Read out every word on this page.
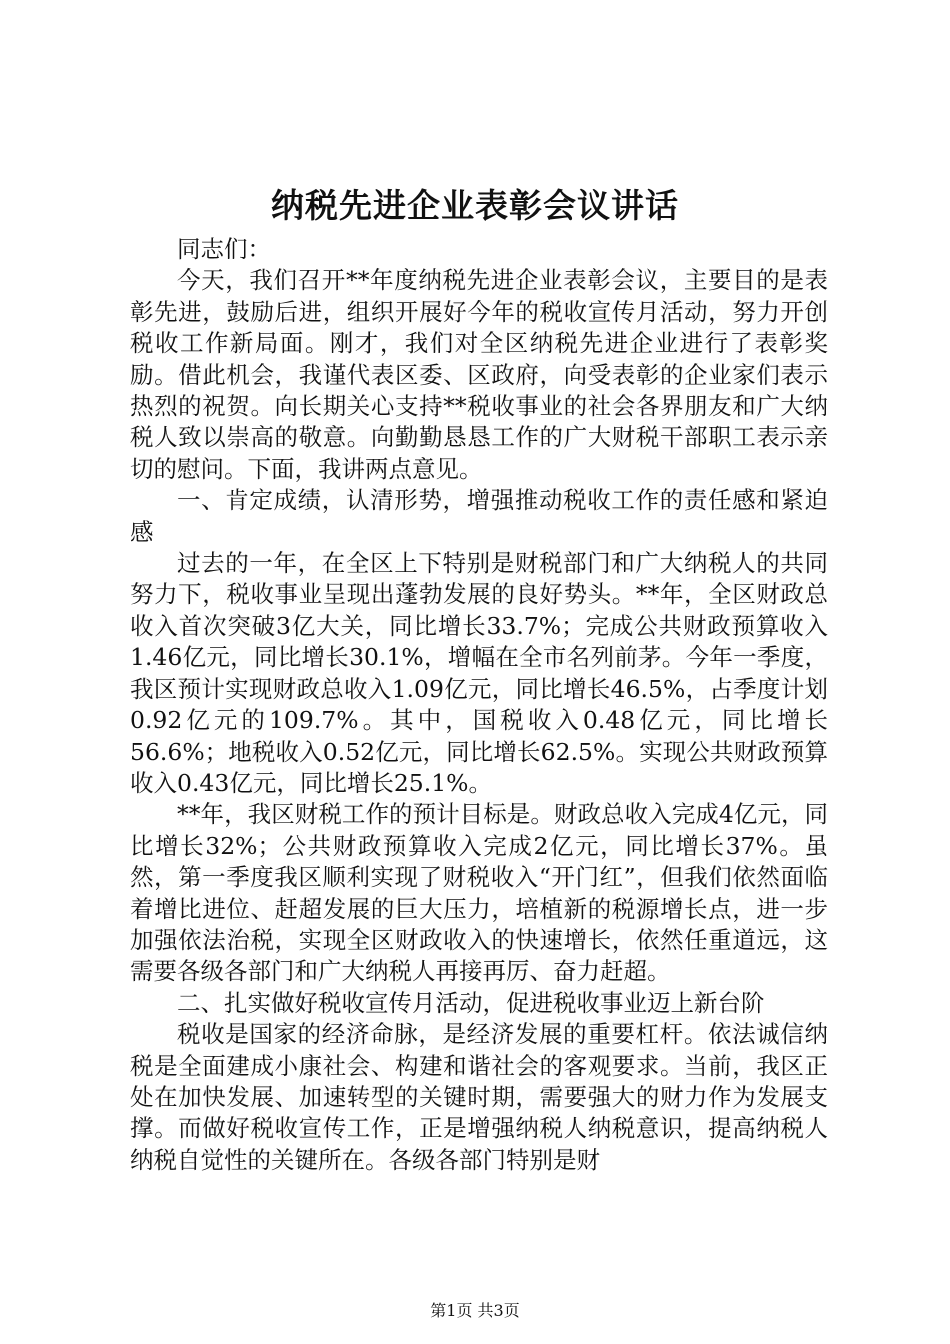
纳税先进企业表彰会议讲话

同志们：

今天，我们召开**年度纳税先进企业表彰会议，主要目的是表彰先进，鼓励后进，组织开展好今年的税收宣传月活动，努力开创税收工作新局面。刚才，我们对全区纳税先进企业进行了表彰奖励。借此机会，我谨代表区委、区政府，向受表彰的企业家们表示热烈的祝贺。向长期关心支持**税收事业的社会各界朋友和广大纳税人致以崇高的敬意。向勤勤恳恳工作的广大财税干部职工表示亲切的慰问。下面，我讲两点意见。

一、肯定成绩，认清形势，增强推动税收工作的责任感和紧迫感

过去的一年，在全区上下特别是财税部门和广大纳税人的共同努力下，税收事业呈现出蓬勃发展的良好势头。**年，全区财政总收入首次突破3亿大关，同比增长33.7%；完成公共财政预算收入1.46亿元，同比增长30.1%，增幅在全市名列前茅。今年一季度，我区预计实现财政总收入1.09亿元，同比增长46.5%，占季度计划0.92亿元的109.7%。其中，国税收入0.48亿元，同比增长56.6%；地税收入0.52亿元，同比增长62.5%。实现公共财政预算收入0.43亿元，同比增长25.1%。

**年，我区财税工作的预计目标是。财政总收入完成4亿元，同比增长32%；公共财政预算收入完成2亿元，同比增长37%。虽然，第一季度我区顺利实现了财税收入“开门红”，但我们依然面临着增比进位、赶超发展的巨大压力，培植新的税源增长点，进一步加强依法治税，实现全区财政收入的快速增长，依然任重道远，这需要各级各部门和广大纳税人再接再厉、奋力赶超。

二、扎实做好税收宣传月活动，促进税收事业迈上新台阶

税收是国家的经济命脉，是经济发展的重要杠杆。依法诚信纳税是全面建成小康社会、构建和谐社会的客观要求。当前，我区正处在加快发展、加速转型的关键时期，需要强大的财力作为发展支撑。而做好税收宣传工作，正是增强纳税人纳税意识，提高纳税人纳税自觉性的关键所在。各级各部门特别是财

第1页 共3页
